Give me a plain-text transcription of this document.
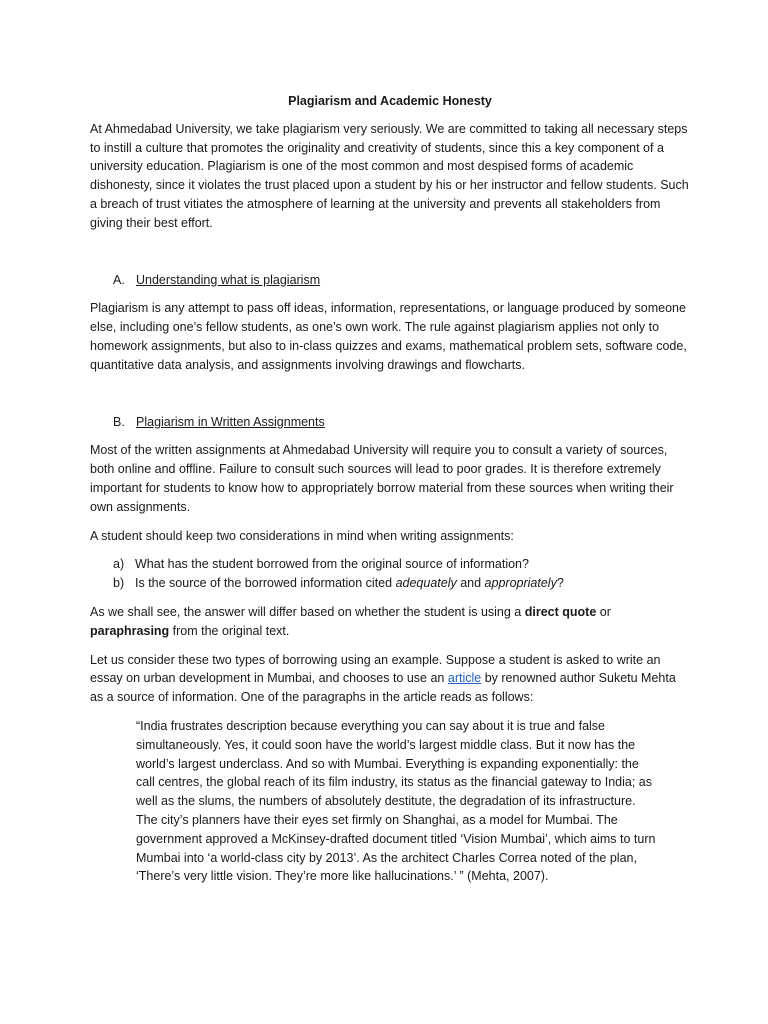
Plagiarism and Academic Honesty

At Ahmedabad University, we take plagiarism very seriously. We are committed to taking all necessary steps to instill a culture that promotes the originality and creativity of students, since this a key component of a university education. Plagiarism is one of the most common and most despised forms of academic dishonesty, since it violates the trust placed upon a student by his or her instructor and fellow students. Such a breach of trust vitiates the atmosphere of learning at the university and prevents all stakeholders from giving their best effort.

A. Understanding what is plagiarism

Plagiarism is any attempt to pass off ideas, information, representations, or language produced by someone else, including one’s fellow students, as one’s own work. The rule against plagiarism applies not only to homework assignments, but also to in-class quizzes and exams, mathematical problem sets, software code, quantitative data analysis, and assignments involving drawings and flowcharts.

B. Plagiarism in Written Assignments

Most of the written assignments at Ahmedabad University will require you to consult a variety of sources, both online and offline. Failure to consult such sources will lead to poor grades. It is therefore extremely important for students to know how to appropriately borrow material from these sources when writing their own assignments.

A student should keep two considerations in mind when writing assignments:

a) What has the student borrowed from the original source of information?
b) Is the source of the borrowed information cited adequately and appropriately?

As we shall see, the answer will differ based on whether the student is using a direct quote or paraphrasing from the original text.

Let us consider these two types of borrowing using an example. Suppose a student is asked to write an essay on urban development in Mumbai, and chooses to use an article by renowned author Suketu Mehta as a source of information. One of the paragraphs in the article reads as follows:

“India frustrates description because everything you can say about it is true and false simultaneously. Yes, it could soon have the world’s largest middle class. But it now has the world’s largest underclass. And so with Mumbai. Everything is expanding exponentially: the call centres, the global reach of its film industry, its status as the financial gateway to India; as well as the slums, the numbers of absolutely destitute, the degradation of its infrastructure. The city’s planners have their eyes set firmly on Shanghai, as a model for Mumbai. The government approved a McKinsey-drafted document titled ‘Vision Mumbai’, which aims to turn Mumbai into ‘a world-class city by 2013’. As the architect Charles Correa noted of the plan, ‘There’s very little vision. They’re more like hallucinations.’ ” (Mehta, 2007).
